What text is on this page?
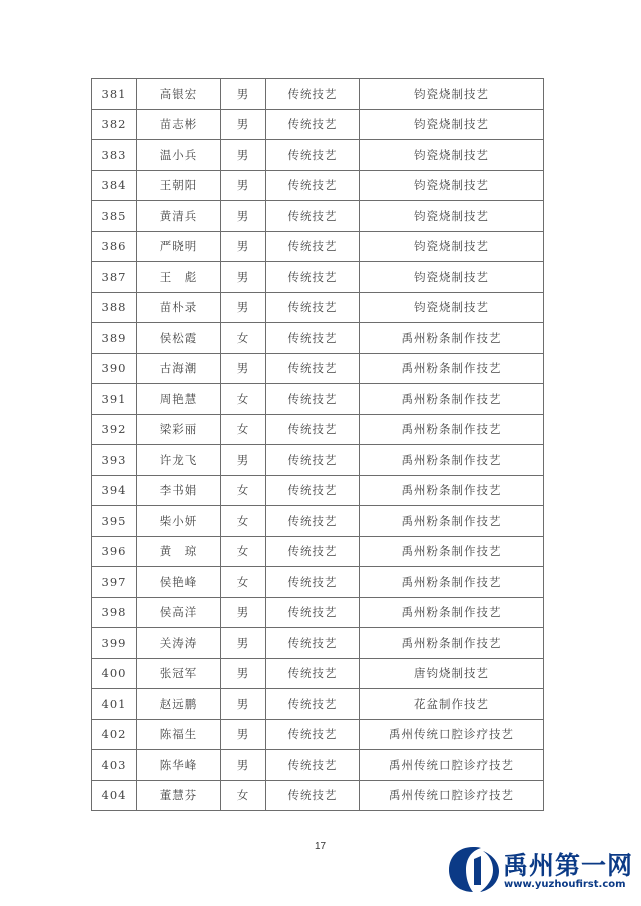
381	高银宏	男	传统技艺	钧瓷烧制技艺
382	苗志彬	男	传统技艺	钧瓷烧制技艺
383	温小兵	男	传统技艺	钧瓷烧制技艺
384	王朝阳	男	传统技艺	钧瓷烧制技艺
385	黄清兵	男	传统技艺	钧瓷烧制技艺
386	严晓明	男	传统技艺	钧瓷烧制技艺
387	王　彪	男	传统技艺	钧瓷烧制技艺
388	苗朴录	男	传统技艺	钧瓷烧制技艺
389	侯松霞	女	传统技艺	禹州粉条制作技艺
390	古海潮	男	传统技艺	禹州粉条制作技艺
391	周艳慧	女	传统技艺	禹州粉条制作技艺
392	梁彩丽	女	传统技艺	禹州粉条制作技艺
393	许龙飞	男	传统技艺	禹州粉条制作技艺
394	李书娟	女	传统技艺	禹州粉条制作技艺
395	柴小妍	女	传统技艺	禹州粉条制作技艺
396	黄　琼	女	传统技艺	禹州粉条制作技艺
397	侯艳峰	女	传统技艺	禹州粉条制作技艺
398	侯高洋	男	传统技艺	禹州粉条制作技艺
399	关涛涛	男	传统技艺	禹州粉条制作技艺
400	张冠军	男	传统技艺	唐钧烧制技艺
401	赵远鹏	男	传统技艺	花盆制作技艺
402	陈福生	男	传统技艺	禹州传统口腔诊疗技艺
403	陈华峰	男	传统技艺	禹州传统口腔诊疗技艺
404	董慧芬	女	传统技艺	禹州传统口腔诊疗技艺
17
禹州第一网
www.yuzhoufirst.com
